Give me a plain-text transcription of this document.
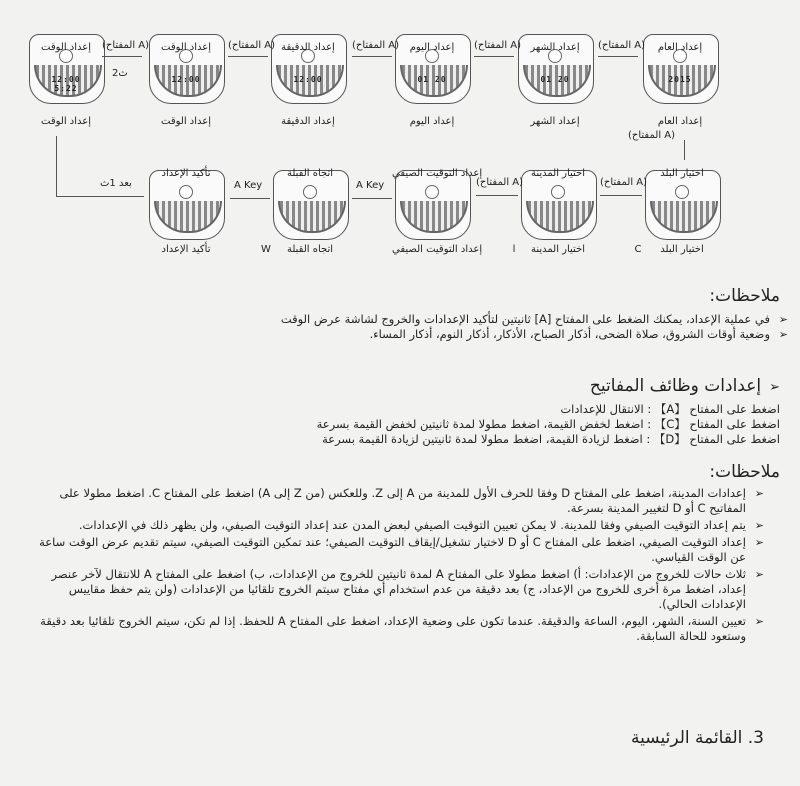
2015
إعداد العام
إعداد العام
01 20
إعداد الشهر
إعداد الشهر
01 20
إعداد اليوم
إعداد اليوم
12:00
إعداد الدقيقة
إعداد الدقيقة
12:00
إعداد الوقت
إعداد الوقت
12:00 5:22
إعداد الوقت
إعداد الوقت
اختيار البلد
اختيار البلد
C
اختيار المدينة
اختيار المدينة
ا
إعداد التوقيت الصيفي
إعداد التوقيت الصيفي
اتجاه القبلة
اتجاه القبلة
W
تأكيد الإعداد
تأكيد الإعداد
(المفتاح A)
(المفتاح A)
(المفتاح A)
(المفتاح A)
(المفتاح A)
2ث
(المفتاح A)
(المفتاح A)
(المفتاح A)
A Key
A Key
بعد 1ث
ملاحظات:
➢
في عملية الإعداد، يمكنك الضغط على المفتاح [A] ثانيتين لتأكيد الإعدادات والخروج لشاشة عرض الوقت
➢
وضعية أوقات الشروق، صلاة الضحى، أذكار الصباح، الأذكار، أذكار النوم، أذكار المساء.
➢إعدادات وظائف المفاتيح
اضغط على المفتاح 【A】 : الانتقال للإعدادات
اضغط على المفتاح 【C】 : اضغط لخفض القيمة، اضغط مطولا لمدة ثانيتين لخفض القيمة بسرعة
اضغط على المفتاح 【D】 : اضغط لزيادة القيمة، اضغط مطولا لمدة ثانيتين لزيادة القيمة بسرعة
ملاحظات:
➢
إعدادات المدينة، اضغط على المفتاح D وفقا للحرف الأول للمدينة من A إلى Z. وللعكس (من Z إلى A) اضغط على المفتاح C. اضغط مطولا على المفاتيح C أو D لتغيير المدينة بسرعة.
➢
يتم إعداد التوقيت الصيفي وفقا للمدينة. لا يمكن تعيين التوقيت الصيفي لبعض المدن عند إعداد التوقيت الصيفي، ولن يظهر ذلك في الإعدادات.
➢
إعداد التوقيت الصيفي، اضغط على المفتاح C أو D لاختيار تشغيل/إيقاف التوقيت الصيفي؛ عند تمكين التوقيت الصيفي، سيتم تقديم عرض الوقت ساعة عن الوقت القياسي.
➢
ثلاث حالات للخروج من الإعدادات: أ) اضغط مطولا على المفتاح A لمدة ثانيتين للخروج من الإعدادات، ب) اضغط على المفتاح A للانتقال لآخر عنصر إعداد، اضغط مرة أخرى للخروج من الإعداد، ج) بعد دقيقة من عدم استخدام أي مفتاح سيتم الخروج تلقائيا من الإعدادات (ولن يتم حفظ مقاييس الإعدادات الحالي).
➢
تعيين السنة، الشهر، اليوم، الساعة والدقيقة. عندما تكون على وضعية الإعداد، اضغط على المفتاح A للحفظ. إذا لم تكن، سيتم الخروج تلقائيا بعد دقيقة وستعود للحالة السابقة.
3. القائمة الرئيسية
